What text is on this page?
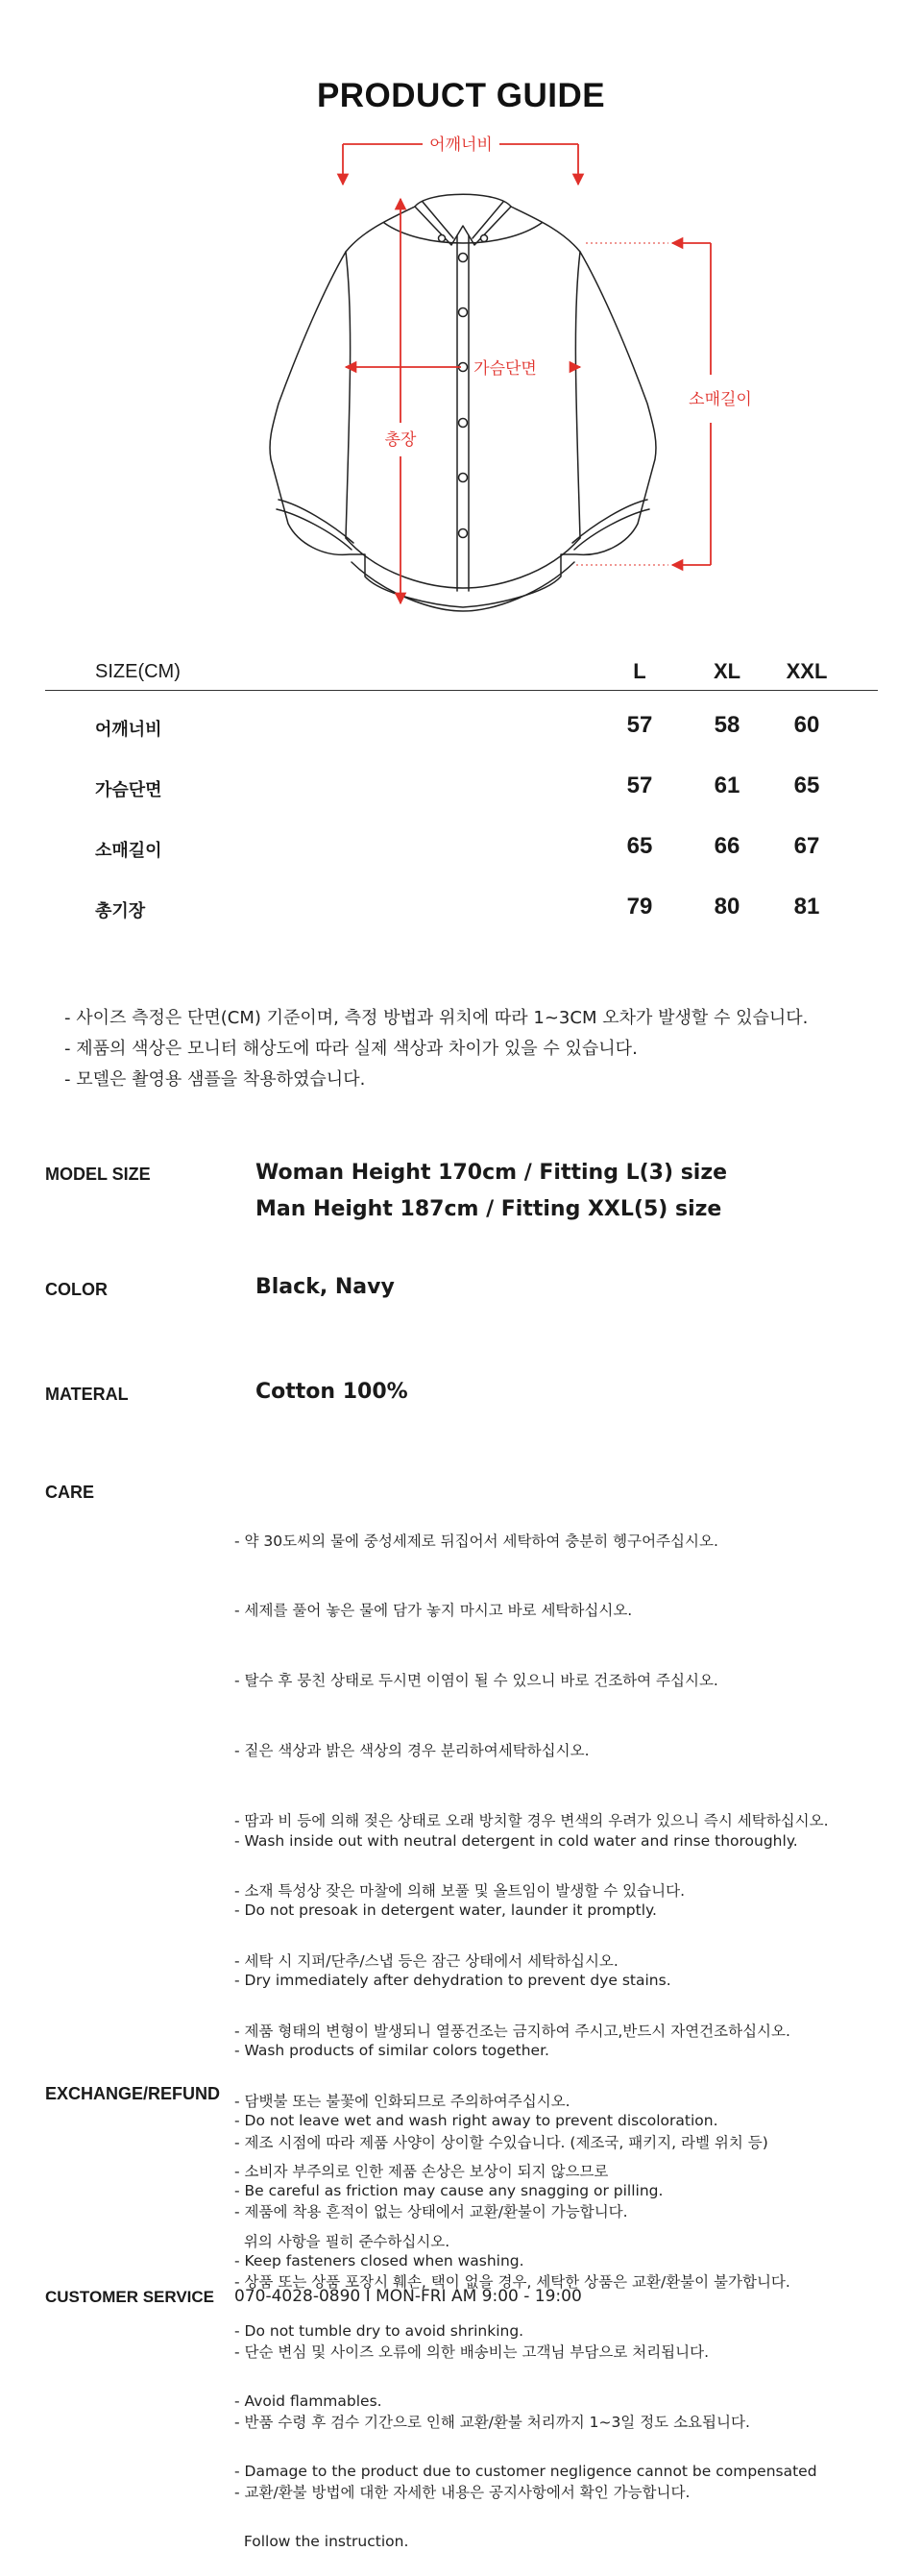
PRODUCT GUIDE
어깨너비
가슴단면
총장
소매길이
SIZE(CM)	L	XL	XXL
어깨너비	57	58	60
가슴단면	57	61	65
소매길이	65	66	67
총기장	79	80	81
- 사이즈 측정은 단면(CM) 기준이며, 측정 방법과 위치에 따라 1~3CM 오차가 발생할 수 있습니다.
- 제품의 색상은 모니터 해상도에 따라 실제 색상과 차이가 있을 수 있습니다.
- 모델은 촬영용 샘플을 착용하였습니다.
MODEL SIZE	Woman Height 170cm / Fitting L(3) size
Man Height 187cm / Fitting XXL(5) size
COLOR	Black, Navy
MATERAL	Cotton 100%
CARE

- 약 30도씨의 물에 중성세제로 뒤집어서 세탁하여 충분히 헹구어주십시오.

- 세제를 풀어 놓은 물에 담가 놓지 마시고 바로 세탁하십시오.

- 탈수 후 뭉친 상태로 두시면 이염이 될 수 있으니 바로 건조하여 주십시오.

- 짙은 색상과 밝은 색상의 경우 분리하여세탁하십시오.

- 땀과 비 등에 의해 젖은 상태로 오래 방치할 경우 변색의 우려가 있으니 즉시 세탁하십시오.

- 소재 특성상 잦은 마찰에 의해 보풀 및 올트임이 발생할 수 있습니다.

- 세탁 시 지퍼/단추/스냅 등은 잠근 상태에서 세탁하십시오.

- 제품 형태의 변형이 발생되니 열풍건조는 금지하여 주시고,반드시 자연건조하십시오.

- 담뱃불 또는 불꽃에 인화되므로 주의하여주십시오.

- 소비자 부주의로 인한 제품 손상은 보상이 되지 않으므로

위의 사항을 필히 준수하십시오.

- Wash inside out with neutral detergent in cold water and rinse thoroughly.

- Do not presoak in detergent water, launder it promptly.

- Dry immediately after dehydration to prevent dye stains.

- Wash products of similar colors together.

- Do not leave wet and wash right away to prevent discoloration.

- Be careful as friction may cause any snagging or pilling.

- Keep fasteners closed when washing.

- Do not tumble dry to avoid shrinking.

- Avoid flammables.

- Damage to the product due to customer negligence cannot be compensated

Follow the instruction.

EXCHANGE/REFUND

- 제조 시점에 따라 제품 사양이 상이할 수있습니다. (제조국, 패키지, 라벨 위치 등)

- 제품에 착용 흔적이 없는 상태에서 교환/환불이 가능합니다.

- 상품 또는 상품 포장시 훼손, 택이 없을 경우, 세탁한 상품은 교환/환불이 불가합니다.

- 단순 변심 및 사이즈 오류에 의한 배송비는 고객님 부담으로 처리됩니다.

- 반품 수령 후 검수 기간으로 인해 교환/환불 처리까지 1~3일 정도 소요됩니다.

- 교환/환불 방법에 대한 자세한 내용은 공지사항에서 확인 가능합니다.

CUSTOMER SERVICE 070-4028-0890 I MON-FRI AM 9:00 - 19:00
